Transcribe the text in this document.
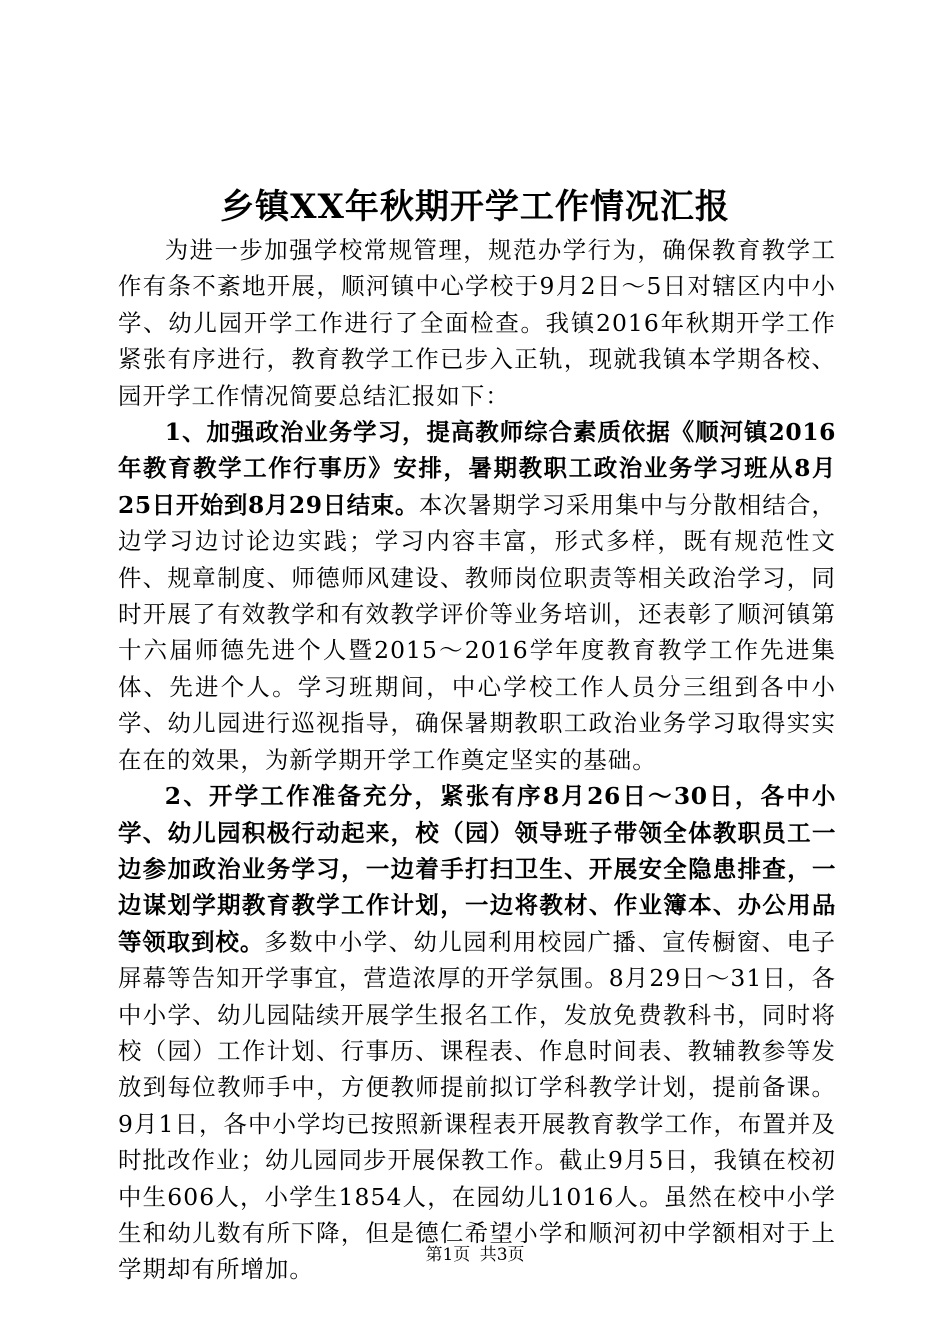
乡镇XX年秋期开学工作情况汇报

为进一步加强学校常规管理，规范办学行为，确保教育教学工作有条不紊地开展，顺河镇中心学校于9月2日～5日对辖区内中小学、幼儿园开学工作进行了全面检查。我镇2016年秋期开学工作紧张有序进行，教育教学工作已步入正轨，现就我镇本学期各校、园开学工作情况简要总结汇报如下：

1、加强政治业务学习，提高教师综合素质依据《顺河镇2016年教育教学工作行事历》安排，暑期教职工政治业务学习班从8月25日开始到8月29日结束。本次暑期学习采用集中与分散相结合，边学习边讨论边实践；学习内容丰富，形式多样，既有规范性文件、规章制度、师德师风建设、教师岗位职责等相关政治学习，同时开展了有效教学和有效教学评价等业务培训，还表彰了顺河镇第十六届师德先进个人暨2015～2016学年度教育教学工作先进集体、先进个人。学习班期间，中心学校工作人员分三组到各中小学、幼儿园进行巡视指导，确保暑期教职工政治业务学习取得实实在在的效果，为新学期开学工作奠定坚实的基础。

2、开学工作准备充分，紧张有序8月26日～30日，各中小学、幼儿园积极行动起来，校（园）领导班子带领全体教职员工一边参加政治业务学习，一边着手打扫卫生、开展安全隐患排查，一边谋划学期教育教学工作计划，一边将教材、作业簿本、办公用品等领取到校。多数中小学、幼儿园利用校园广播、宣传橱窗、电子屏幕等告知开学事宜，营造浓厚的开学氛围。8月29日～31日，各中小学、幼儿园陆续开展学生报名工作，发放免费教科书，同时将校（园）工作计划、行事历、课程表、作息时间表、教辅教参等发放到每位教师手中，方便教师提前拟订学科教学计划，提前备课。9月1日，各中小学均已按照新课程表开展教育教学工作，布置并及时批改作业；幼儿园同步开展保教工作。截止9月5日，我镇在校初中生606人，小学生1854人，在园幼儿1016人。虽然在校中小学生和幼儿数有所下降，但是德仁希望小学和顺河初中学额相对于上学期却有所增加。

第1页 共3页
